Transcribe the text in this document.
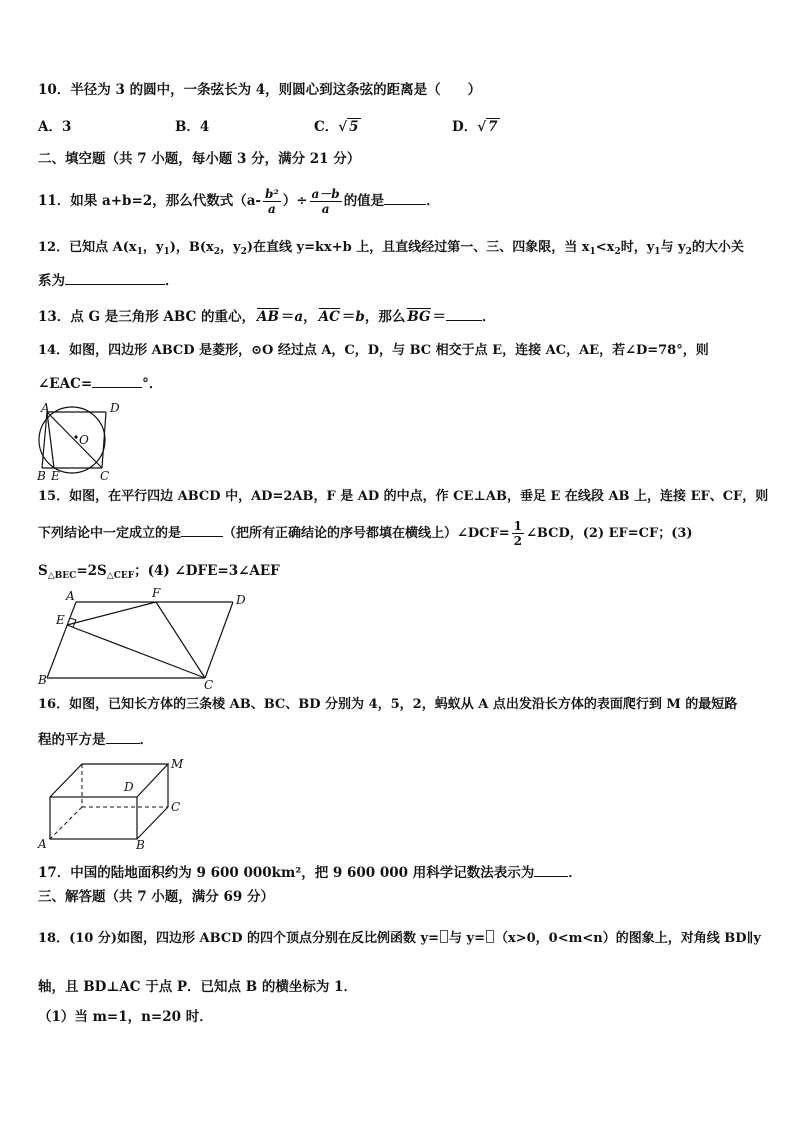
10．半径为 3 的圆中，一条弦长为 4，则圆心到这条弦的距离是（　　）
A．3	B．4	C．√ 5	D．√ 7
二、填空题（共 7 小题，每小题 3 分，满分 21 分）
11．如果 a+b=2，那么代数式（$a- \frac{\text{b²}}{a}$ ）÷ $\frac{a-b}{a}$ 的值是	．
12．已知点 $A(x_1$，$y_1$)，$B(x_2$，$y_2$)在直线 y=kx+b 上，且直线经过第一、三、四象限，当 $x_1<x_2$时，$y_1$与 $y_2$的大小关
系为	．
13．点 G 是三角形 ABC 的重心， AB ＝a， AC ＝b，那么 BG ＝	．
14．如图，四边形 ABCD 是菱形，⊙O 经过点 A，C，D，与 BC 相交于点 E，连接 AC，AE，若∠D=78°，则
∠EAC=	°．
A	D
O
B E	C
15．如图，在平行四边 ABCD 中，AD=2AB，F 是 AD 的中点，作 CE⊥AB，垂足 E 在线段 AB 上，连接 EF、CF，则
下列结论中一定成立的是	（把所有正确结论的序号都填在横线上）∠DCF= $\frac{1}{2}$ ∠BCD，(2) EF=CF；(3)
$S_{\triangle BEC}=2S_{\triangle CEF}$；(4) ∠DFE=3∠AEF
A	F	D
E
B	C
16．如图，已知长方体的三条棱 AB、BC、BD 分别为 4，5，2，蚂蚁从 A 点出发沿长方体的表面爬行到 M 的最短路
程的平方是	．
M
D
C
A	B
17．中国的陆地面积约为 9 600 000km²，把 9 600 000 用科学记数法表示为	．
三、解答题（共 7 小题，满分 69 分）
18．(10 分)如图，四边形 ABCD 的四个顶点分别在反比例函数 y= 与 y= （x>0，0<m<n）的图象上，对角线 BD∥y
轴，且 BD⊥AC 于点 P．已知点 B 的横坐标为 1．
（1）当 m=1，n=20 时．
